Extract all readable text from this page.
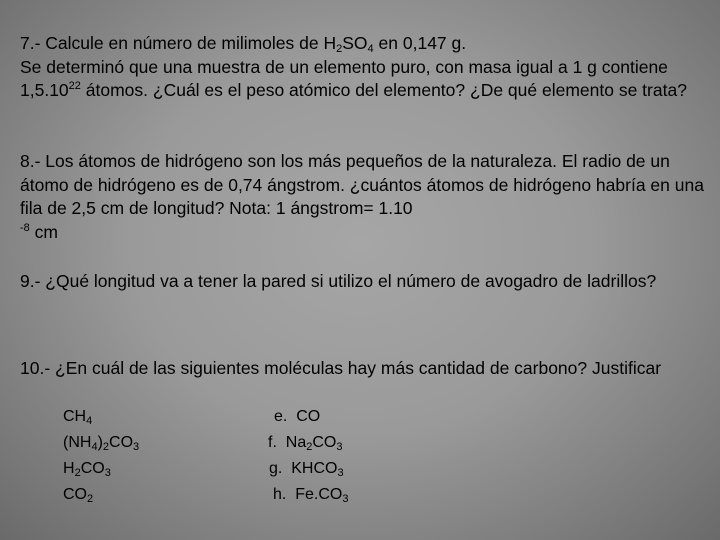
7.- Calcule en número de milimoles de $H_2SO_4$ en 0,147 g.
Se determinó que una muestra de un elemento puro, con masa igual a 1 g contiene 1,5.10$^{22}$ átomos. ¿Cuál es el peso atómico del elemento? ¿De qué elemento se trata?

8.- Los átomos de hidrógeno son los más pequeños de la naturaleza. El radio de un átomo de hidrógeno es de 0,74 ángstrom. ¿cuántos átomos de hidrógeno habría en una fila de 2,5 cm de longitud? Nota: 1 ángstrom= 1.10
$^{-8}$ cm

9.- ¿Qué longitud va a tener la pared si utilizo el número de avogadro de ladrillos?

10.- ¿En cuál de las siguientes moléculas hay más cantidad de carbono? Justificar

$CH_4$
$(NH_4)_2CO_3$
$H_2CO_3$
$CO_2$
e. CO
f. $Na_2CO_3$
g. $KHCO_3$
h. $Fe.CO_3$
